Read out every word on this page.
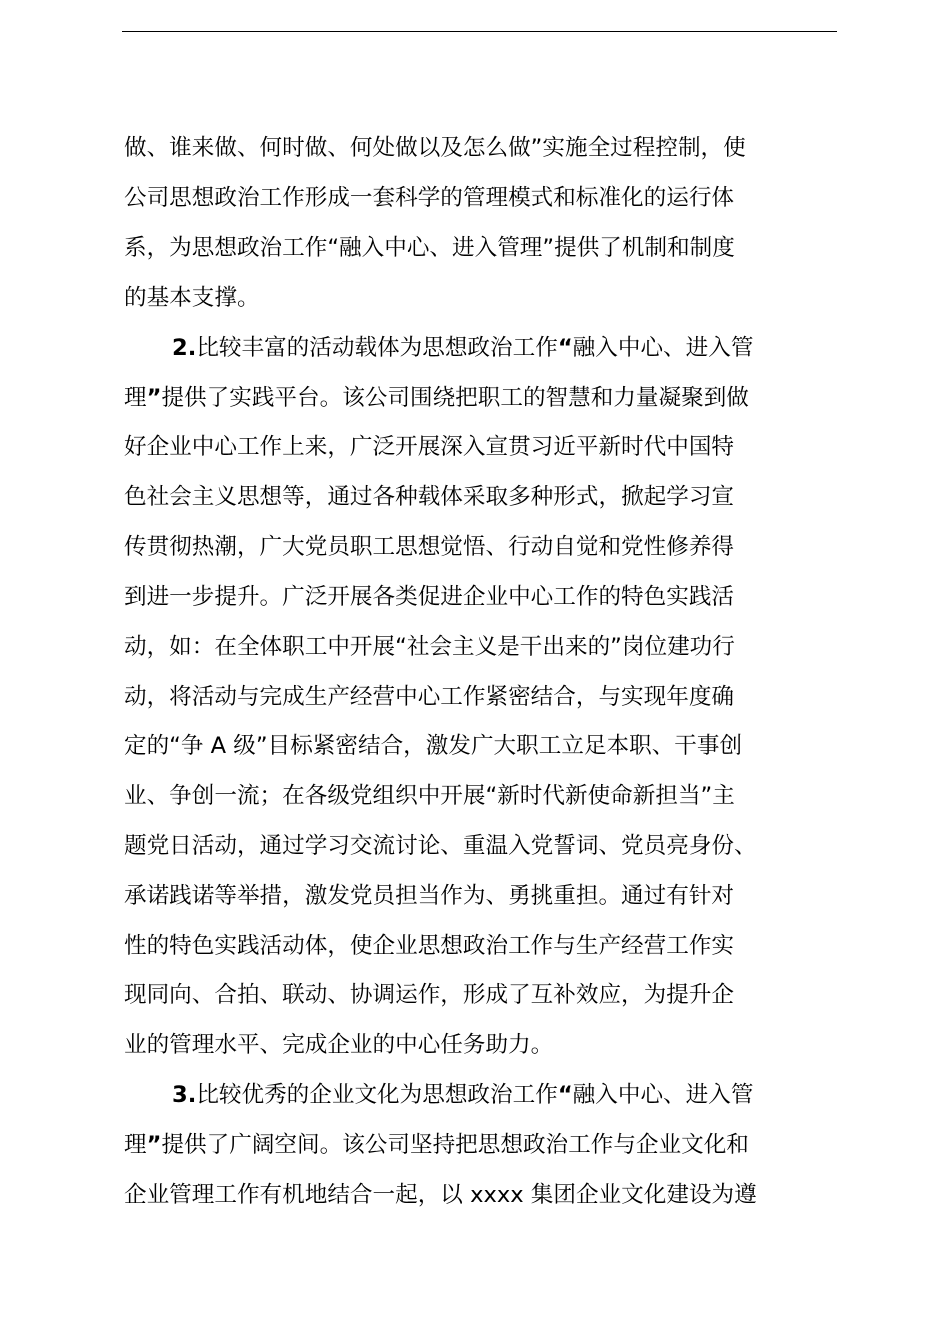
做、谁来做、何时做、何处做以及怎么做”实施全过程控制，使
公司思想政治工作形成一套科学的管理模式和标准化的运行体
系，为思想政治工作“融入中心、进入管理”提供了机制和制度
的基本支撑。
2.比较丰富的活动载体为思想政治工作“融入中心、进入管
理”提供了实践平台。该公司围绕把职工的智慧和力量凝聚到做
好企业中心工作上来，广泛开展深入宣贯习近平新时代中国特
色社会主义思想等，通过各种载体采取多种形式，掀起学习宣
传贯彻热潮，广大党员职工思想觉悟、行动自觉和党性修养得
到进一步提升。广泛开展各类促进企业中心工作的特色实践活
动，如：在全体职工中开展“社会主义是干出来的”岗位建功行
动，将活动与完成生产经营中心工作紧密结合，与实现年度确
定的“争 A 级”目标紧密结合，激发广大职工立足本职、干事创
业、争创一流；在各级党组织中开展“新时代新使命新担当”主
题党日活动，通过学习交流讨论、重温入党誓词、党员亮身份、
承诺践诺等举措，激发党员担当作为、勇挑重担。通过有针对
性的特色实践活动体，使企业思想政治工作与生产经营工作实
现同向、合拍、联动、协调运作，形成了互补效应，为提升企
业的管理水平、完成企业的中心任务助力。
3.比较优秀的企业文化为思想政治工作“融入中心、进入管
理”提供了广阔空间。该公司坚持把思想政治工作与企业文化和
企业管理工作有机地结合一起，以 xxxx 集团企业文化建设为遵
